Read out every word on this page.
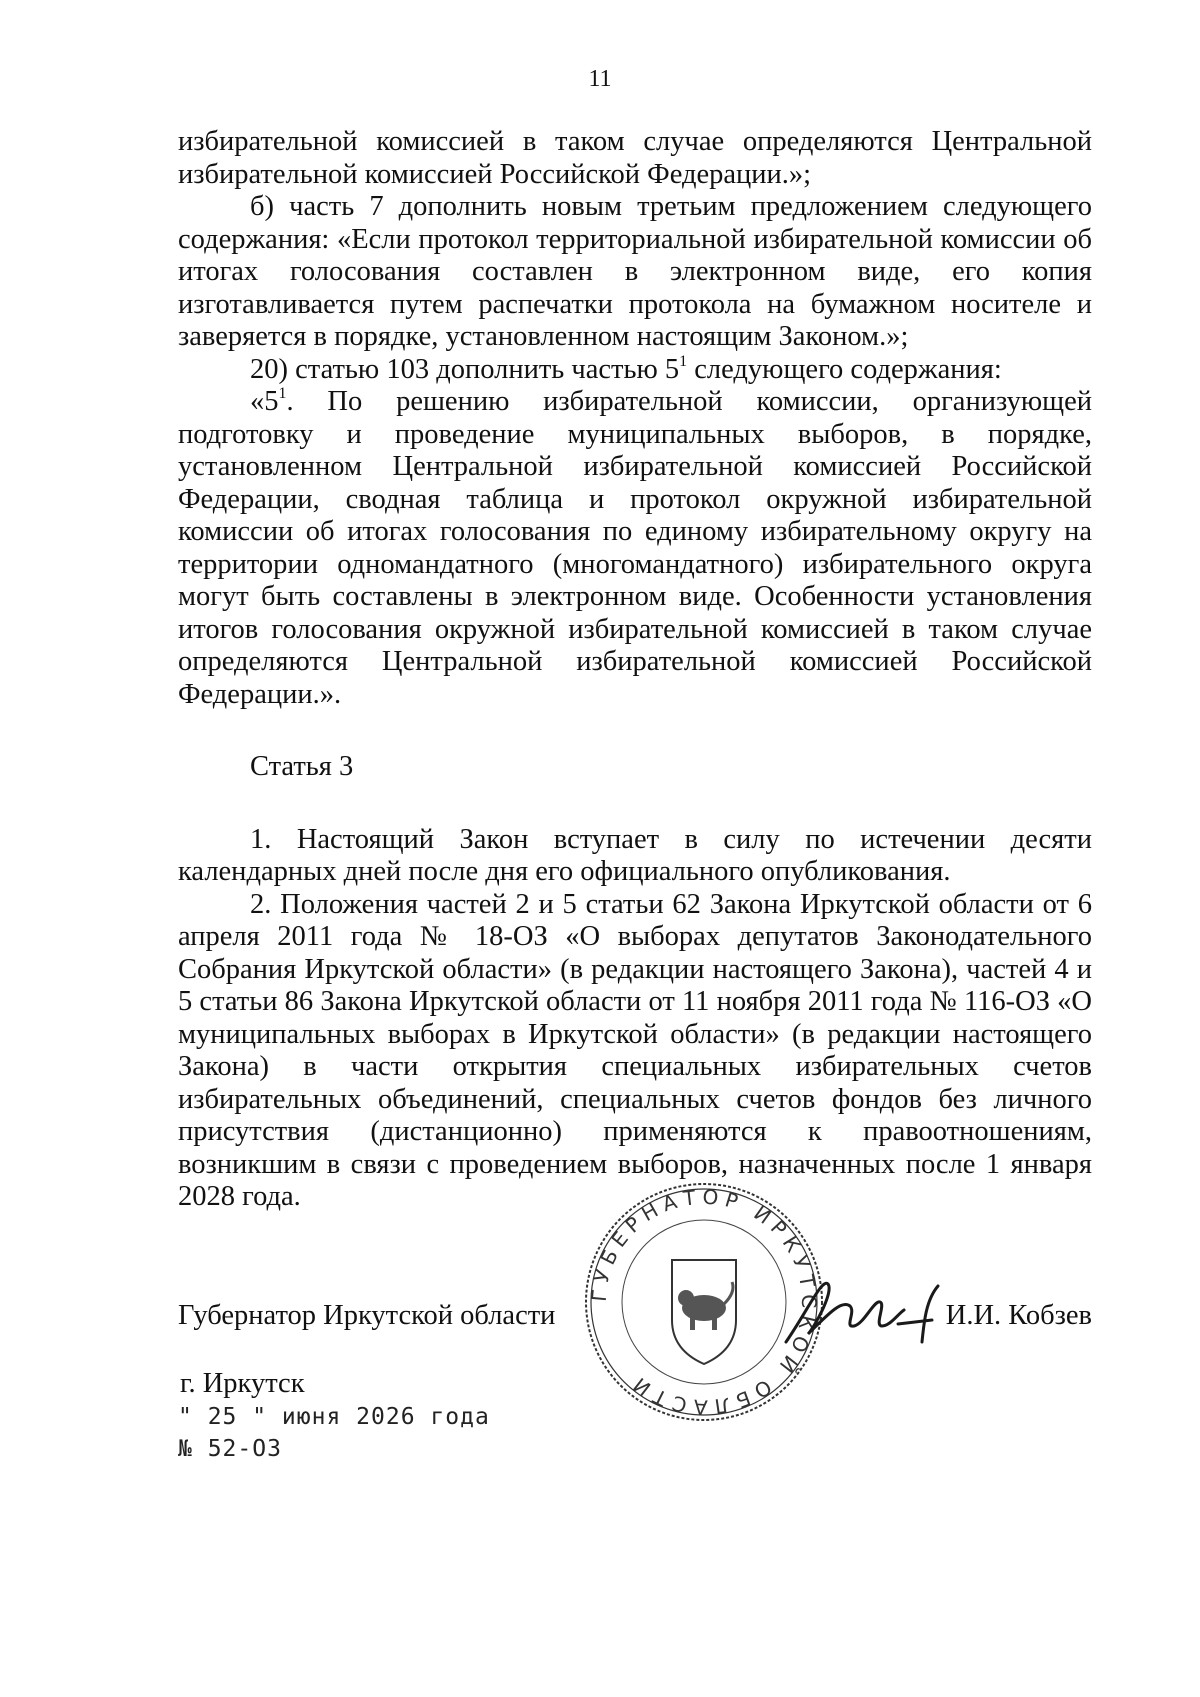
11

избирательной комиссией в таком случае определяются Центральной избирательной комиссией Российской Федерации.»;

б) часть 7 дополнить новым третьим предложением следующего содержания: «Если протокол территориальной избирательной комиссии об итогах голосования составлен в электронном виде, его копия изготавливается путем распечатки протокола на бумажном носителе и заверяется в порядке, установленном настоящим Законом.»;

20) статью 103 дополнить частью $5^1$ следующего содержания:

«$5^1$. По решению избирательной комиссии, организующей подготовку и проведение муниципальных выборов, в порядке, установленном Центральной избирательной комиссией Российской Федерации, сводная таблица и протокол окружной избирательной комиссии об итогах голосования по единому избирательному округу на территории одномандатного (многомандатного) избирательного округа могут быть составлены в электронном виде. Особенности установления итогов голосования окружной избирательной комиссией в таком случае определяются Центральной избирательной комиссией Российской Федерации.».

Статья 3

1. Настоящий Закон вступает в силу по истечении десяти календарных дней после дня его официального опубликования.

2. Положения частей 2 и 5 статьи 62 Закона Иркутской области от 6 апреля 2011 года № 18-ОЗ «О выборах депутатов Законодательного Собрания Иркутской области» (в редакции настоящего Закона), частей 4 и 5 статьи 86 Закона Иркутской области от 11 ноября 2011 года № 116-ОЗ «О муниципальных выборах в Иркутской области» (в редакции настоящего Закона) в части открытия специальных избирательных счетов избирательных объединений, специальных счетов фондов без личного присутствия (дистанционно) применяются к правоотношениям, возникшим в связи с проведением выборов, назначенных после 1 января 2028 года.

ГУБЕРНАТОР ИРКУТСКОЙ ОБЛАСТИ
Губернатор Иркутской области	И.И. Кобзев
г. Иркутск
" 25 " июня 2026 года
№ 52-ОЗ
